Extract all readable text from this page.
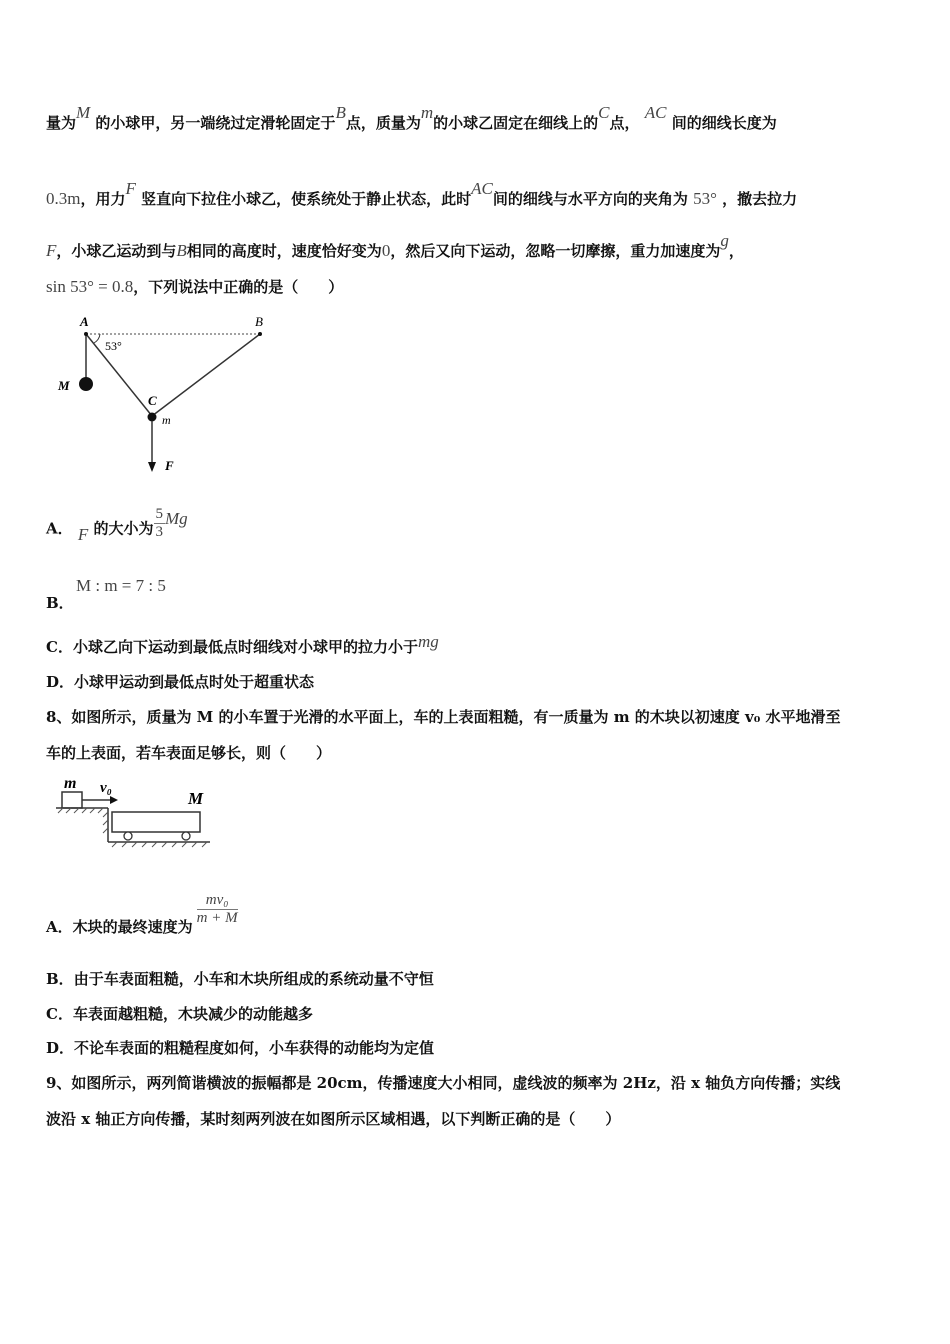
量为M 的小球甲，另一端绕过定滑轮固定于B点，质量为m的小球乙固定在细线上的C点， AC 间的细线长度为
0.3m，用力F 竖直向下拉住小球乙，使系统处于静止状态，此时AC间的细线与水平方向的夹角为 53° ，撤去拉力
F，小球乙运动到与B相同的高度时，速度恰好变为0，然后又向下运动，忽略一切摩擦，重力加速度为g，
sin 53° = 0.8，下列说法中正确的是（　　）
A	B
53°
M
C
m
F
A． F 的大小为 $\frac{5}{3}$ Mg
B．
M : m = 7 : 5
C．小球乙向下运动到最低点时细线对小球甲的拉力小于mg
D．小球甲运动到最低点时处于超重状态
8、如图所示，质量为 M 的小车置于光滑的水平面上，车的上表面粗糙，有一质量为 m 的木块以初速度 v₀ 水平地滑至
车的上表面，若车表面足够长，则（　　）
m v₀
M
A．木块的最终速度为 $\frac{\text{mv₀}}{m + M}$
B．由于车表面粗糙，小车和木块所组成的系统动量不守恒
C．车表面越粗糙，木块减少的动能越多
D．不论车表面的粗糙程度如何，小车获得的动能均为定值
9、如图所示，两列简谐横波的振幅都是 20cm，传播速度大小相同，虚线波的频率为 2Hz，沿 x 轴负方向传播；实线
波沿 x 轴正方向传播，某时刻两列波在如图所示区域相遇，以下判断正确的是（　　）
